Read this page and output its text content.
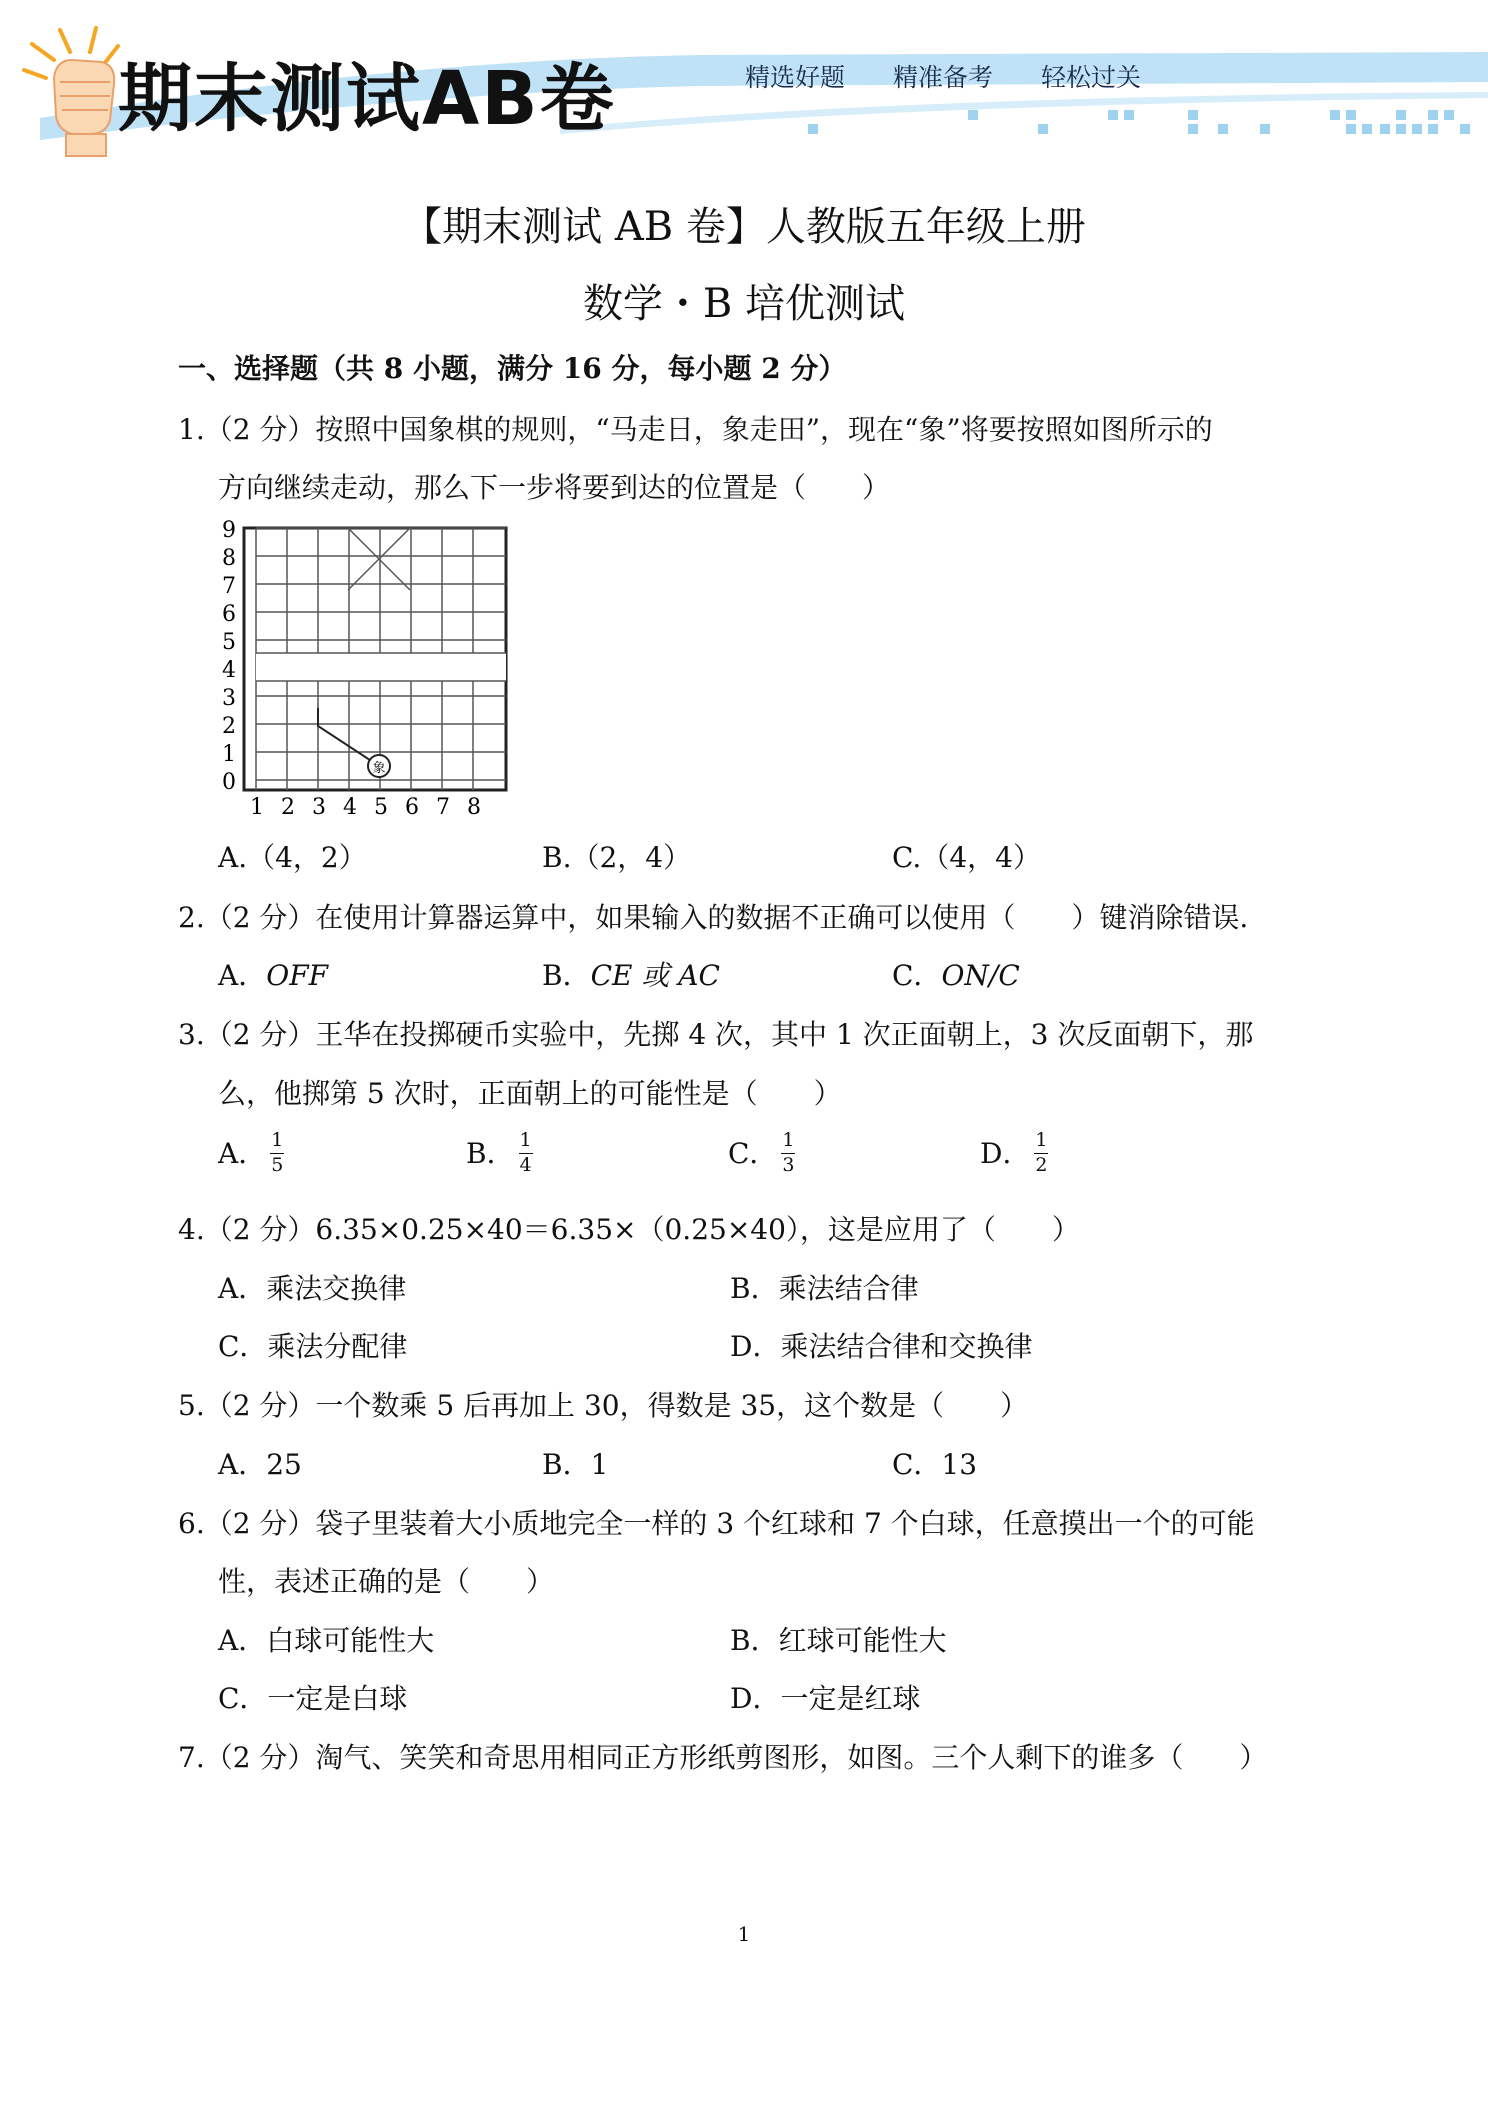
期末测试AB卷	精选好题 精准备考 轻松过关
【期末测试 AB 卷】人教版五年级上册
数学・B 培优测试
一、选择题（共 8 小题，满分 16 分，每小题 2 分）
1.（2 分）按照中国象棋的规则，“马走日，象走田”，现在“象”将要按照如图所示的
方向继续走动，那么下一步将要到达的位置是（　　）
象
9
8
7
6
5
4
3
2
1
0
1 2 3 4 5 6 7 8
A.（4，2）	B.（2，4）	C.（4，4）
2.（2 分）在使用计算器运算中，如果输入的数据不正确可以使用（　　）键消除错误.
A．OFF	B．CE 或 AC	C．ON/C
3.（2 分）王华在投掷硬币实验中，先掷 4 次，其中 1 次正面朝上，3 次反面朝下，那
么，他掷第 5 次时，正面朝上的可能性是（　　）
A． $\frac{1}{5}$	B． $\frac{1}{4}$	C． $\frac{1}{3}$	D． $\frac{1}{2}$
4.（2 分）6.35×0.25×40＝6.35×（0.25×40），这是应用了（　　）
A．乘法交换律	B．乘法结合律
C．乘法分配律	D．乘法结合律和交换律
5.（2 分）一个数乘 5 后再加上 30，得数是 35，这个数是（　　）
A．25	B．1	C．13
6.（2 分）袋子里装着大小质地完全一样的 3 个红球和 7 个白球，任意摸出一个的可能
性，表述正确的是（　　）
A．白球可能性大	B．红球可能性大
C．一定是白球	D．一定是红球
7.（2 分）淘气、笑笑和奇思用相同正方形纸剪图形，如图。三个人剩下的谁多（　　）
1
